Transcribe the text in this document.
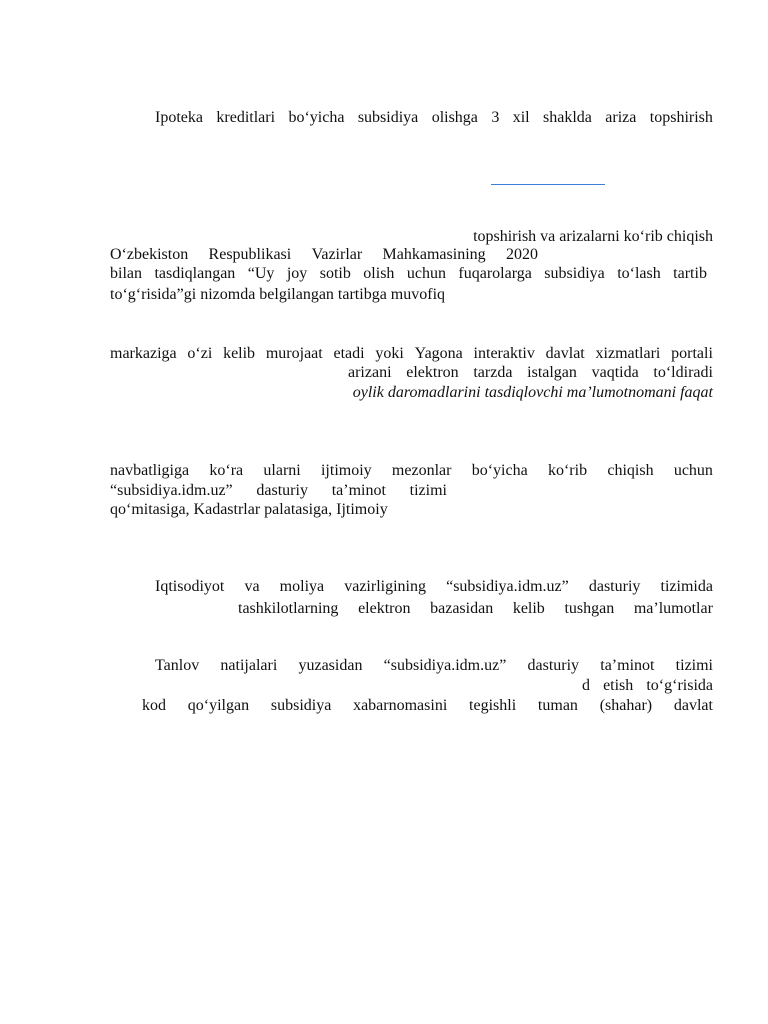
Ipoteka kreditlari bo‘yicha subsidiya olishga 3 xil shaklda ariza topshirish
topshirish va arizalarni ko‘rib chiqish
O‘zbekiston Respublikasi Vazirlar Mahkamasining 2020
bilan tasdiqlangan “Uy joy sotib olish uchun fuqarolarga subsidiya to‘lash tartib
to‘g‘risida”gi nizomda belgilangan tartibga muvofiq
markaziga o‘zi kelib murojaat etadi yoki Yagona interaktiv davlat xizmatlari portali
arizani elektron tarzda istalgan vaqtida to‘ldiradi
oylik daromadlarini tasdiqlovchi ma’lumotnomani faqat
navbatligiga ko‘ra ularni ijtimoiy mezonlar bo‘yicha ko‘rib chiqish uchun
“subsidiya.idm.uz” dasturiy ta’minot tizimi
qo‘mitasiga, Kadastrlar palatasiga, Ijtimoiy
Iqtisodiyot va moliya vazirligining “subsidiya.idm.uz” dasturiy tizimida
tashkilotlarning elektron bazasidan kelib tushgan ma’lumotlar
Tanlov natijalari yuzasidan “subsidiya.idm.uz” dasturiy ta’minot tizimi
d etish to‘g‘risida
kod qo‘yilgan subsidiya xabarnomasini tegishli tuman (shahar) davlat
